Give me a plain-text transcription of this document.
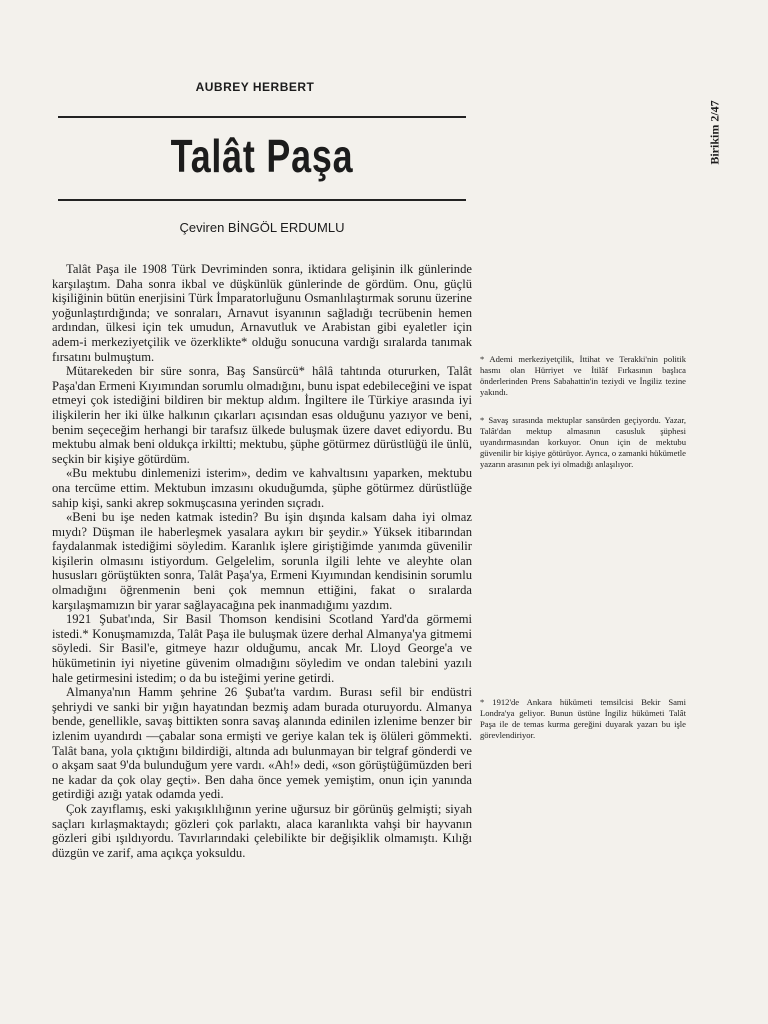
AUBREY HERBERT
Talât Paşa
Çeviren BİNGÖL ERDUMLU
Birikim 2/47

Talât Paşa ile 1908 Türk Devriminden sonra, iktidara gelişinin ilk günlerinde karşılaştım. Daha sonra ikbal ve düşkünlük günlerinde de gördüm. Onu, güçlü kişiliğinin bütün enerjisini Türk İmparatorluğunu Osmanlılaştırmak sorunu üzerine yoğunlaştırdığında; ve sonraları, Arnavut isyanının sağladığı tecrübenin hemen ardından, ülkesi için tek umudun, Arnavutluk ve Arabistan gibi eyaletler için adem-i merkeziyetçilik ve özerklikte* olduğu sonucuna vardığı sıralarda tanımak fırsatını bulmuştum.

Mütarekeden bir süre sonra, Baş Sansürcü* hâlâ tahtında otururken, Talât Paşa'dan Ermeni Kıyımından sorumlu olmadığını, bunu ispat edebileceğini ve ispat etmeyi çok istediğini bildiren bir mektup aldım. İngiltere ile Türkiye arasında iyi ilişkilerin her iki ülke halkının çıkarları açısından esas olduğunu yazıyor ve beni, benim seçeceğim herhangi bir tarafsız ülkede buluşmak üzere davet ediyordu. Bu mektubu almak beni oldukça irkiltti; mektubu, şüphe götürmez dürüstlüğü ile ünlü, seçkin bir kişiye götürdüm.

«Bu mektubu dinlemenizi isterim», dedim ve kahvaltısını yaparken, mektubu ona tercüme ettim. Mektubun imzasını okuduğumda, şüphe götürmez dürüstlüğe sahip kişi, sanki akrep sokmuşcasına yerinden sıçradı.

«Beni bu işe neden katmak istedin? Bu işin dışında kalsam daha iyi olmaz mıydı? Düşman ile haberleşmek yasalara aykırı bir şeydir.» Yüksek itibarından faydalanmak istediğimi söyledim. Karanlık işlere giriştiğimde yanımda güvenilir kişilerin olmasını istiyordum. Gelgelelim, sorunla ilgili lehte ve aleyhte olan hususları görüştükten sonra, Talât Paşa'ya, Ermeni Kıyımından kendisinin sorumlu olmadığını öğrenmenin beni çok memnun ettiğini, fakat o sıralarda karşılaşmamızın bir yarar sağlayacağına pek inanmadığımı yazdım.

1921 Şubat'ında, Sir Basil Thomson kendisini Scotland Yard'da görmemi istedi.* Konuşmamızda, Talât Paşa ile buluşmak üzere derhal Almanya'ya gitmemi söyledi. Sir Basil'e, gitmeye hazır olduğumu, ancak Mr. Lloyd George'a ve hükümetinin iyi niyetine güvenim olmadığını söyledim ve ondan talebini yazılı hale getirmesini istedim; o da bu isteğimi yerine getirdi.

Almanya'nın Hamm şehrine 26 Şubat'ta vardım. Burası sefil bir endüstri şehriydi ve sanki bir yığın hayatından bezmiş adam burada oturuyordu. Almanya bende, genellikle, savaş bittikten sonra savaş alanında edinilen izlenime benzer bir izlenim uyandırdı —çabalar sona ermişti ve geriye kalan tek iş ölüleri gömmekti. Talât bana, yola çıktığını bildirdiği, altında adı bulunmayan bir telgraf gönderdi ve o akşam saat 9'da bulunduğum yere vardı. «Ah!» dedi, «son görüştüğümüzden beri ne kadar da çok olay geçti». Ben daha önce yemek yemiştim, onun için yanında getirdiği azığı yatak odamda yedi.

Çok zayıflamış, eski yakışıklılığının yerine uğursuz bir görünüş gelmişti; siyah saçları kırlaşmaktaydı; gözleri çok parlaktı, alaca karanlıkta vahşi bir hayvanın gözleri gibi ışıldıyordu. Tavırlarındaki çelebilikte bir değişiklik olmamıştı. Kılığı düzgün ve zarif, ama açıkça yoksuldu.

* Ademi merkeziyetçilik, İttihat ve Terakki'nin politik hasmı olan Hürriyet ve İtilâf Fırkasının başlıca önderlerinden Prens Sabahattin'in teziydi ve İngiliz tezine yakındı.
* Savaş sırasında mektuplar sansürden geçiyordu. Yazar, Talât'dan mektup almasının casusluk şüphesi uyandırmasından korkuyor. Onun için de mektubu güvenilir bir kişiye götürüyor. Ayrıca, o zamanki hükümetle yazarın arasının pek iyi olmadığı anlaşılıyor.
* 1912'de Ankara hükümeti temsilcisi Bekir Sami Londra'ya geliyor. Bunun üstüne İngiliz hükümeti Talât Paşa ile de temas kurma gereğini duyarak yazarı bu işle görevlendiriyor.
